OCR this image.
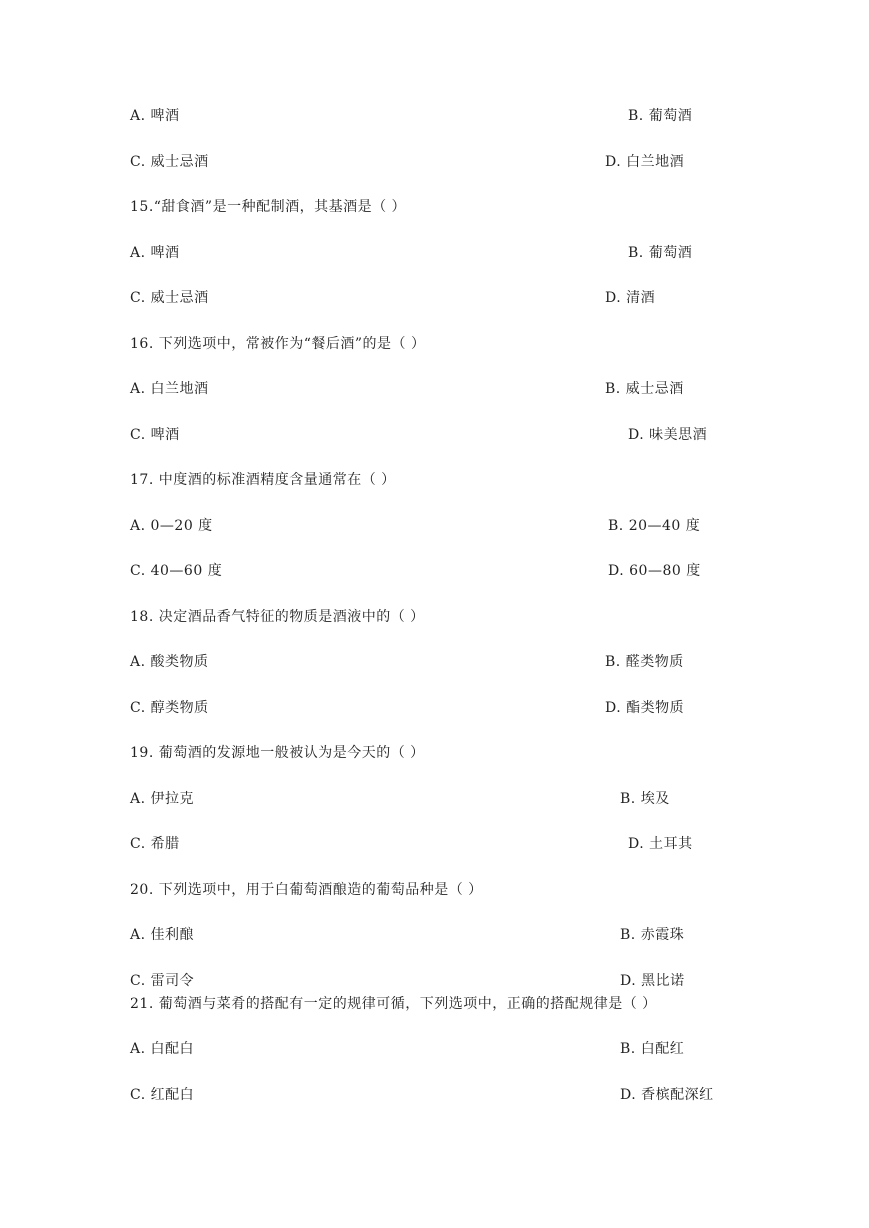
A. 啤酒	B. 葡萄酒
C. 威士忌酒	D. 白兰地酒
15.“甜食酒”是一种配制酒，其基酒是（ ）
A. 啤酒	B. 葡萄酒
C. 威士忌酒	D. 清酒
16. 下列选项中，常被作为“餐后酒”的是（ ）
A. 白兰地酒	B. 威士忌酒
C. 啤酒	D. 味美思酒
17. 中度酒的标准酒精度含量通常在（ ）
A. 0—20 度	B. 20—40 度
C. 40—60 度	D. 60—80 度
18. 决定酒品香气特征的物质是酒液中的（ ）
A. 酸类物质	B. 醛类物质
C. 醇类物质	D. 酯类物质
19. 葡萄酒的发源地一般被认为是今天的（ ）
A. 伊拉克	B. 埃及
C. 希腊	D. 土耳其
20. 下列选项中，用于白葡萄酒酿造的葡萄品种是（ ）
A. 佳利酿	B. 赤霞珠
C. 雷司令	D. 黑比诺
21. 葡萄酒与菜肴的搭配有一定的规律可循，下列选项中，正确的搭配规律是（ ）
A. 白配白	B. 白配红
C. 红配白	D. 香槟配深红
